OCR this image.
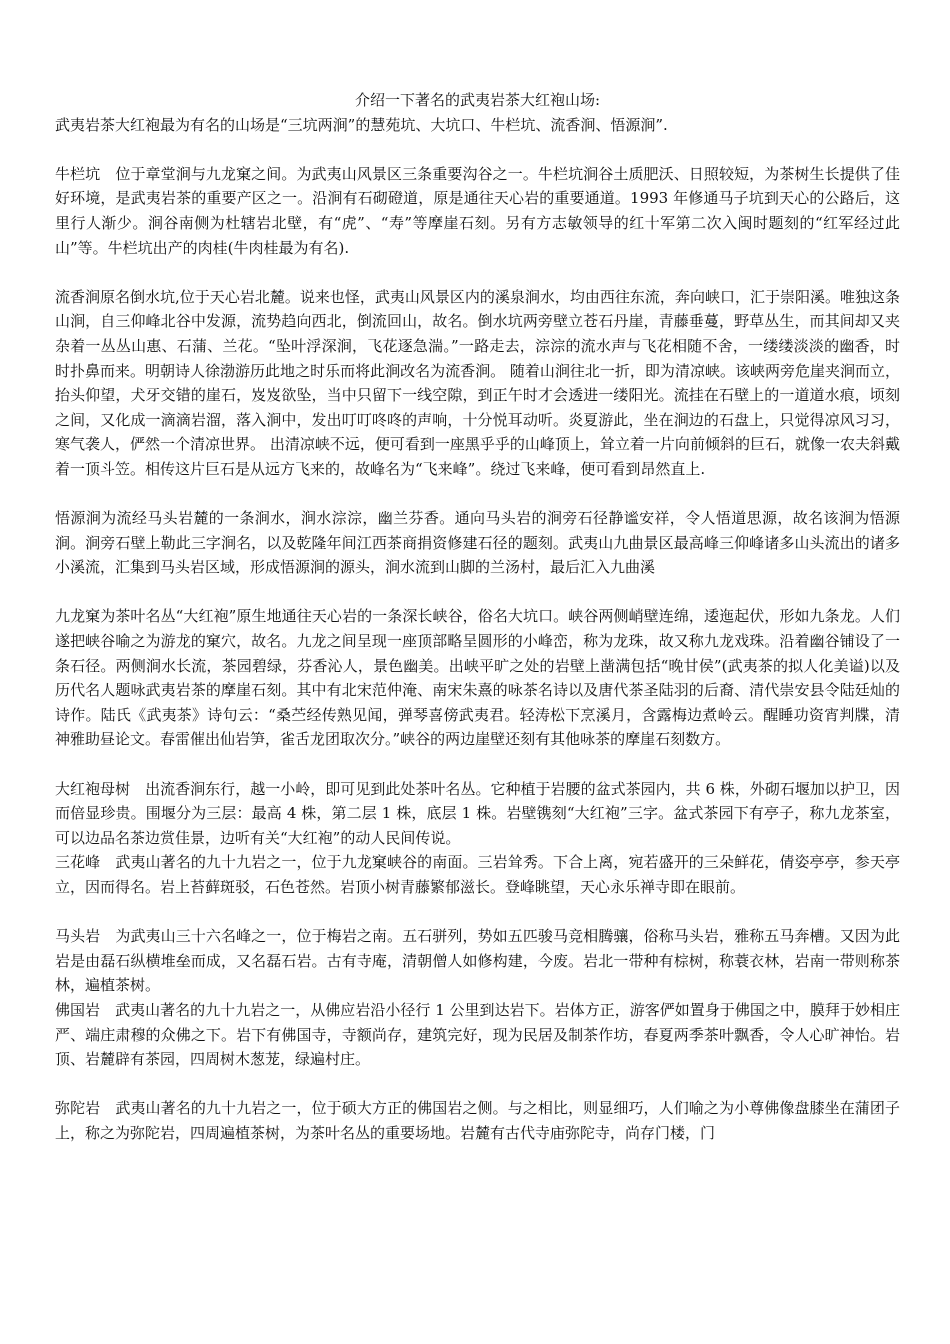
介绍一下著名的武夷岩茶大红袍山场:

武夷岩茶大红袍最为有名的山场是“三坑两涧”的慧苑坑、大坑口、牛栏坑、流香涧、悟源涧”.

牛栏坑　位于章堂涧与九龙窠之间。为武夷山风景区三条重要沟谷之一。牛栏坑涧谷土质肥沃、日照较短，为茶树生长提供了佳好环境，是武夷岩茶的重要产区之一。沿涧有石砌磴道，原是通往天心岩的重要通道。1993 年修通马子坑到天心的公路后，这里行人渐少。涧谷南侧为杜辖岩北壁，有“虎”、“寿”等摩崖石刻。另有方志敏领导的红十军第二次入闽时题刻的“红军经过此山”等。牛栏坑出产的肉桂(牛肉桂最为有名).

流香涧原名倒水坑,位于天心岩北麓。说来也怪，武夷山风景区内的溪泉涧水，均由西往东流，奔向峡口，汇于崇阳溪。唯独这条山涧，自三仰峰北谷中发源，流势趋向西北，倒流回山，故名。倒水坑两旁壁立苍石丹崖，青藤垂蔓，野草丛生，而其间却又夹杂着一丛丛山惠、石蒲、兰花。“坠叶浮深涧，飞花逐急湍。”一路走去，淙淙的流水声与飞花相随不舍，一缕缕淡淡的幽香，时时扑鼻而来。明朝诗人徐渤游历此地之时乐而将此涧改名为流香涧。 随着山涧往北一折，即为清凉峡。该峡两旁危崖夹涧而立，抬头仰望，犬牙交错的崖石，岌岌欲坠，当中只留下一线空隙，到正午时才会透进一缕阳光。流挂在石壁上的一道道水痕，顷刻之间，又化成一滴滴岩溜，落入涧中，发出叮叮咚咚的声响，十分悦耳动听。炎夏游此，坐在涧边的石盘上，只觉得凉风习习，寒气袭人，俨然一个清凉世界。 出清凉峡不远，便可看到一座黑乎乎的山峰顶上，耸立着一片向前倾斜的巨石，就像一农夫斜戴着一顶斗笠。相传这片巨石是从远方飞来的，故峰名为“飞来峰”。绕过飞来峰，便可看到昂然直上.

悟源涧为流经马头岩麓的一条涧水，涧水淙淙，幽兰芬香。通向马头岩的涧旁石径静谧安祥，令人悟道思源，故名该涧为悟源涧。涧旁石壁上勒此三字涧名，以及乾隆年间江西茶商捐资修建石径的题刻。武夷山九曲景区最高峰三仰峰诸多山头流出的诸多小溪流，汇集到马头岩区域，形成悟源涧的源头，涧水流到山脚的兰汤村，最后汇入九曲溪

九龙窠为茶叶名丛“大红袍”原生地通往天心岩的一条深长峡谷，俗名大坑口。峡谷两侧峭壁连绵，逶迤起伏，形如九条龙。人们遂把峡谷喻之为游龙的窠穴，故名。九龙之间呈现一座顶部略呈圆形的小峰峦，称为龙珠，故又称九龙戏珠。沿着幽谷铺设了一条石径。两侧涧水长流，茶园碧绿，芬香沁人，景色幽美。出峡平旷之处的岩壁上凿满包括“晚甘侯”(武夷茶的拟人化美谥)以及历代名人题咏武夷岩茶的摩崖石刻。其中有北宋范仲淹、南宋朱熹的咏茶名诗以及唐代茶圣陆羽的后裔、清代崇安县令陆廷灿的诗作。陆氏《武夷茶》诗句云：“桑苎经传熟见闻，弹琴喜傍武夷君。轻涛松下烹溪月，含露梅边煮岭云。醒睡功资宵判牒，清神雅助昼论文。春雷催出仙岩笋，雀舌龙团取次分。”峡谷的两边崖壁还刻有其他咏茶的摩崖石刻数方。

大红袍母树　出流香涧东行，越一小岭，即可见到此处茶叶名丛。它种植于岩腰的盆式茶园内，共 6 株，外砌石堰加以护卫，因而倍显珍贵。围堰分为三层：最高 4 株，第二层 1 株，底层 1 株。岩壁镌刻“大红袍”三字。盆式茶园下有亭子，称九龙茶室，可以边品名茶边赏佳景，边听有关“大红袍”的动人民间传说。

三花峰　武夷山著名的九十九岩之一，位于九龙窠峡谷的南面。三岩耸秀。下合上离，宛若盛开的三朵鲜花，倩姿亭亭，参天亭立，因而得名。岩上苔藓斑驳，石色苍然。岩顶小树青藤繁郁滋长。登峰眺望，天心永乐禅寺即在眼前。

马头岩　为武夷山三十六名峰之一，位于梅岩之南。五石骈列，势如五匹骏马竞相腾骧，俗称马头岩，雅称五马奔槽。又因为此岩是由磊石纵横堆垒而成，又名磊石岩。古有寺庵，清朝僧人如修构建，今废。岩北一带种有棕树，称蓑衣林，岩南一带则称茶林，遍植茶树。

佛国岩　武夷山著名的九十九岩之一，从佛应岩沿小径行 1 公里到达岩下。岩体方正，游客俨如置身于佛国之中，膜拜于妙相庄严、端庄肃穆的众佛之下。岩下有佛国寺，寺额尚存，建筑完好，现为民居及制茶作坊，春夏两季茶叶飘香，令人心旷神怡。岩顶、岩麓辟有茶园，四周树木葱茏，绿遍村庄。

弥陀岩　武夷山著名的九十九岩之一，位于硕大方正的佛国岩之侧。与之相比，则显细巧，人们喻之为小尊佛像盘膝坐在蒲团子上，称之为弥陀岩，四周遍植茶树，为茶叶名丛的重要场地。岩麓有古代寺庙弥陀寺，尚存门楼，门
